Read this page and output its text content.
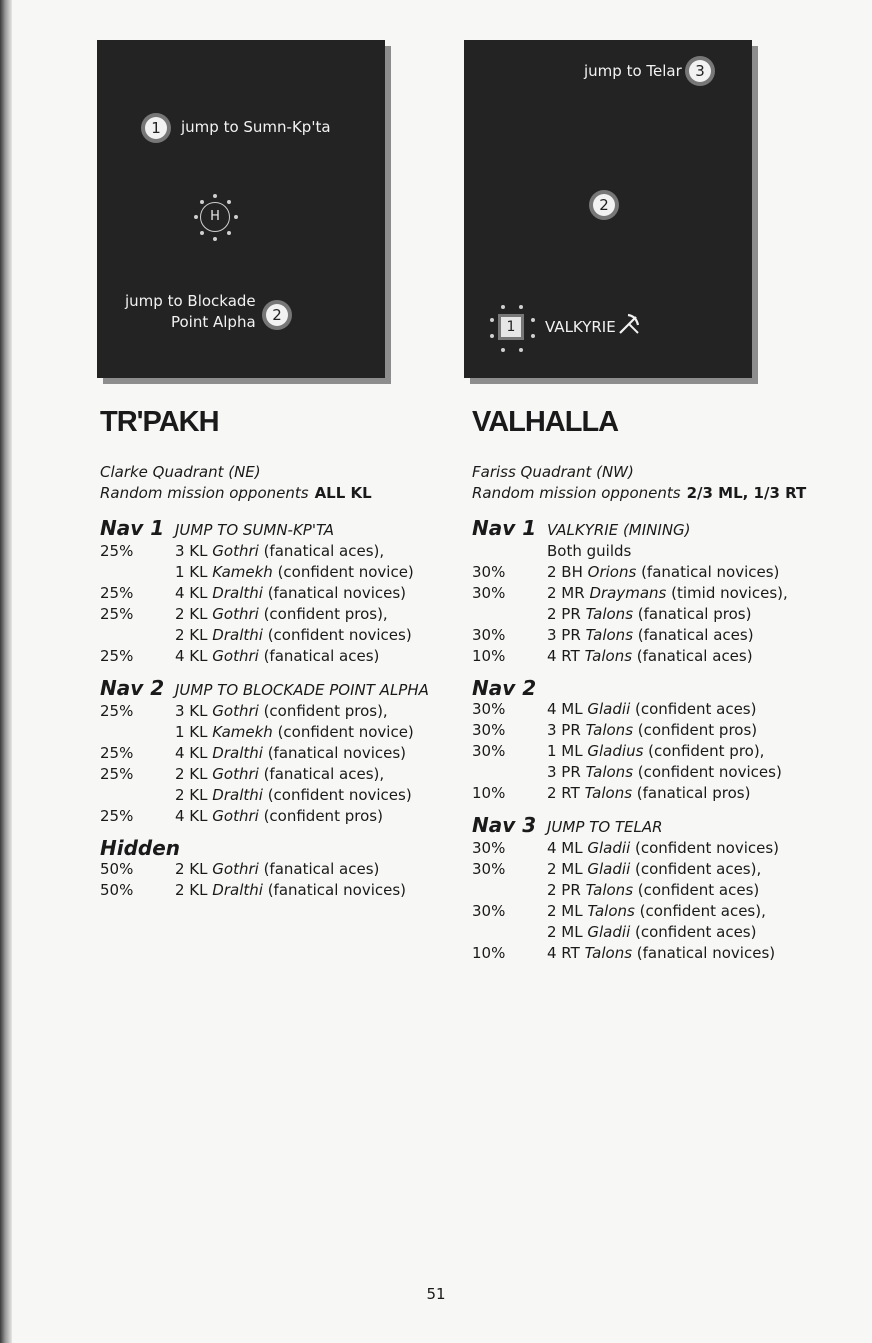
1	jump to Sumn-Kp'ta
H
jump to Blockade
Point Alpha	2
jump to Telar 3
2
1	VALKYRIE
TR'PAKH
Clarke Quadrant (NE)
Random mission opponents ALL KL
Nav 1 JUMP TO SUMN-KP'TA
25%	3 KL Gothri (fanatical aces),
1 KL Kamekh (confident novice)
25%	4 KL Dralthi (fanatical novices)
25%	2 KL Gothri (confident pros),
2 KL Dralthi (confident novices)
25%	4 KL Gothri (fanatical aces)
Nav 2 JUMP TO BLOCKADE POINT ALPHA
25%	3 KL Gothri (confident pros),
1 KL Kamekh (confident novice)
25%	4 KL Dralthi (fanatical novices)
25%	2 KL Gothri (fanatical aces),
2 KL Dralthi (confident novices)
25%	4 KL Gothri (confident pros)
Hidden
50%	2 KL Gothri (fanatical aces)
50%	2 KL Dralthi (fanatical novices)
VALHALLA
Fariss Quadrant (NW)
Random mission opponents 2/3 ML, 1/3 RT
Nav 1 VALKYRIE (MINING)
Both guilds
30%	2 BH Orions (fanatical novices)
30%	2 MR Draymans (timid novices),
2 PR Talons (fanatical pros)
30%	3 PR Talons (fanatical aces)
10%	4 RT Talons (fanatical aces)
Nav 2
30%	4 ML Gladii (confident aces)
30%	3 PR Talons (confident pros)
30%	1 ML Gladius (confident pro),
3 PR Talons (confident novices)
10%	2 RT Talons (fanatical pros)
Nav 3 JUMP TO TELAR
30%	4 ML Gladii (confident novices)
30%	2 ML Gladii (confident aces),
2 PR Talons (confident aces)
30%	2 ML Talons (confident aces),
2 ML Gladii (confident aces)
10%	4 RT Talons (fanatical novices)
51
